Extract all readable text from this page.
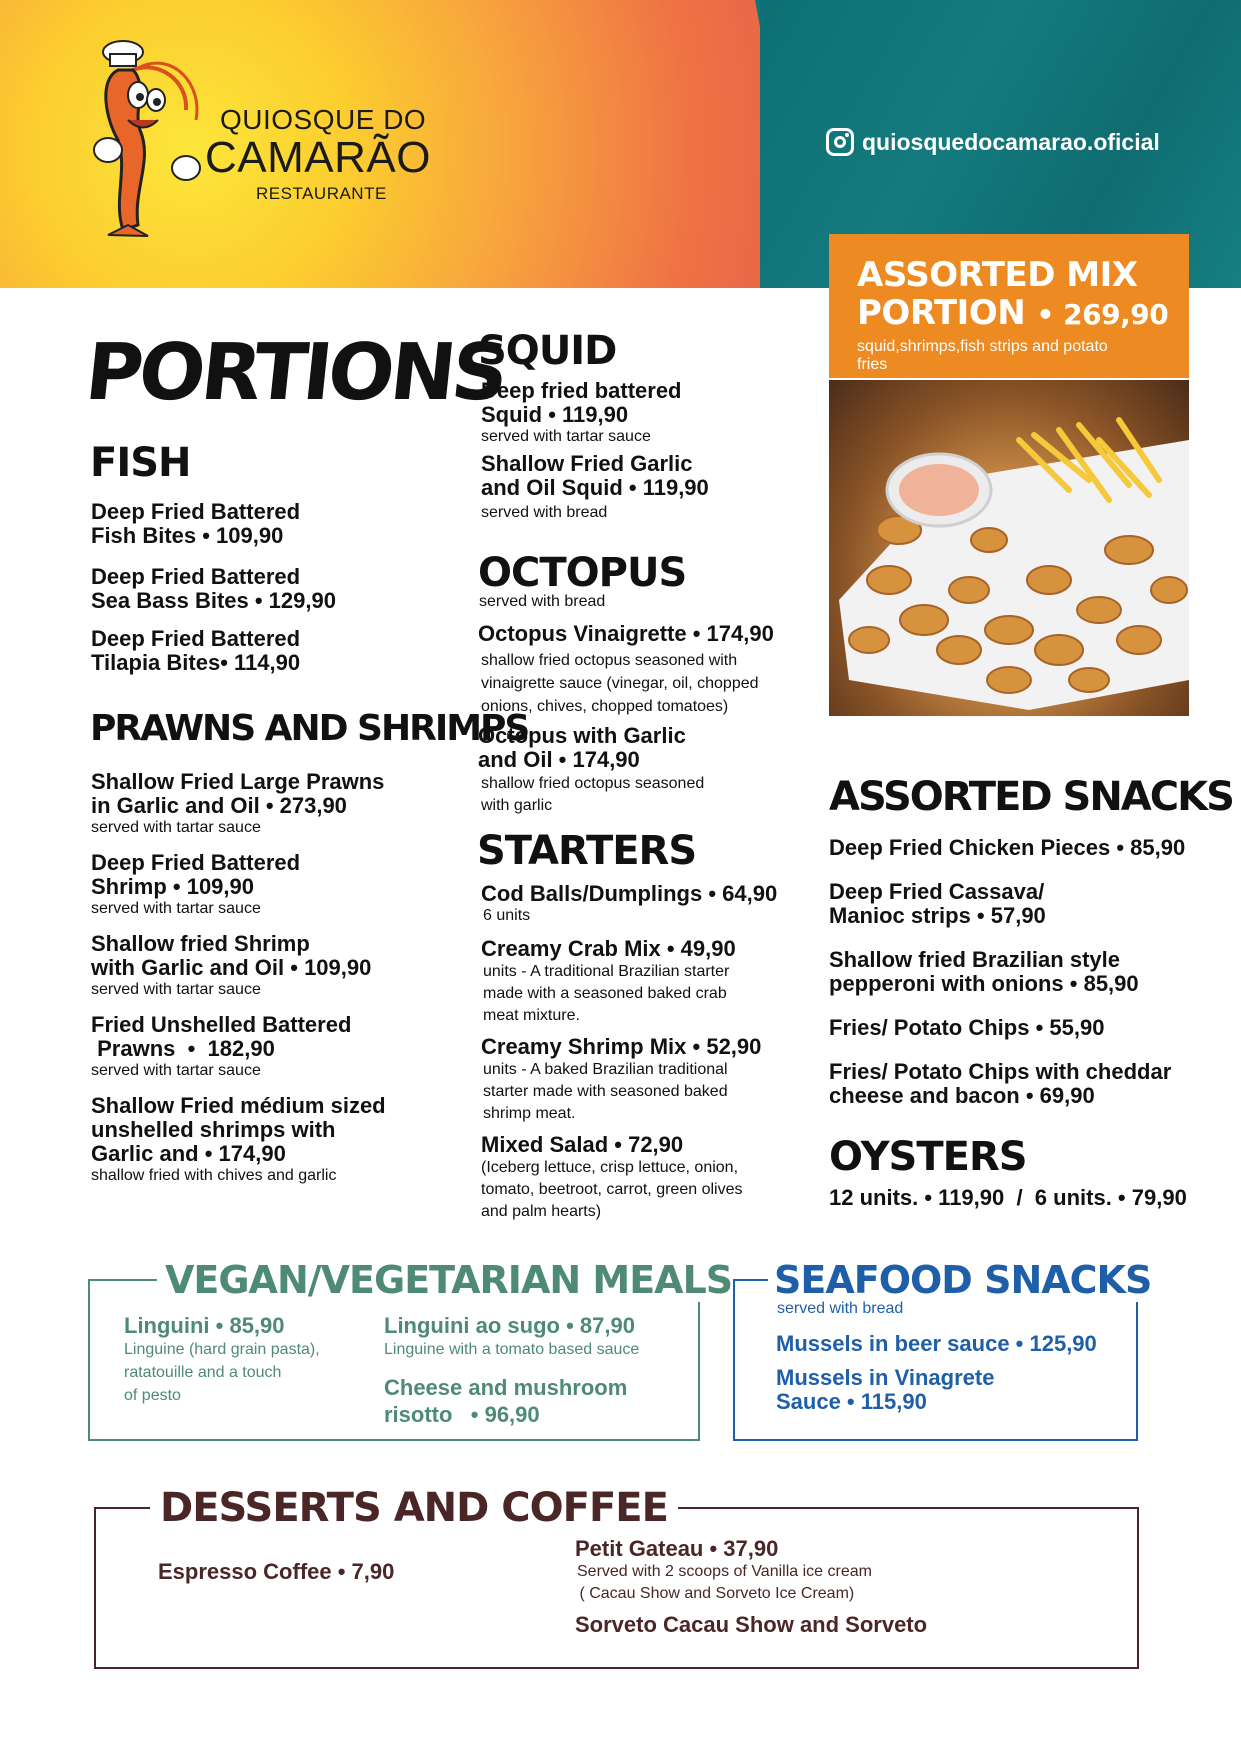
QUIOSQUE DO
CAMARÃO
RESTAURANTE
quiosquedocamarao.oficial
ASSORTED MIX
PORTION • 269,90
squid,shrimps,fish strips and potato fries
PORTIONS
FISH
Deep Fried Battered
Fish Bites • 109,90
Deep Fried Battered
Sea Bass Bites • 129,90
Deep Fried Battered
Tilapia Bites• 114,90
PRAWNS AND SHRIMPS
Shallow Fried Large Prawns
in Garlic and Oil • 273,90
served with tartar sauce
Deep Fried Battered
Shrimp • 109,90
served with tartar sauce
Shallow fried Shrimp
with Garlic and Oil • 109,90
served with tartar sauce
Fried Unshelled Battered
Prawns  •  182,90
served with tartar sauce
Shallow Fried médium sized
unshelled shrimps with
Garlic and • 174,90
shallow fried with chives and garlic
SQUID
Deep fried battered
Squid • 119,90
served with tartar sauce
Shallow Fried Garlic
and Oil Squid • 119,90
served with bread
OCTOPUS
served with bread
Octopus Vinaigrette • 174,90
shallow fried octopus seasoned with
vinaigrette sauce (vinegar, oil, chopped
onions, chives, chopped tomatoes)
Octopus with Garlic
and Oil • 174,90
shallow fried octopus seasoned
with garlic
STARTERS
Cod Balls/Dumplings • 64,90
6 units
Creamy Crab Mix • 49,90
units - A traditional Brazilian starter
made with a seasoned baked crab
meat mixture.
Creamy Shrimp Mix • 52,90
units - A baked Brazilian traditional
starter made with seasoned baked
shrimp meat.
Mixed Salad • 72,90
(Iceberg lettuce, crisp lettuce, onion,
tomato, beetroot, carrot, green olives
and palm hearts)
ASSORTED SNACKS
Deep Fried Chicken Pieces • 85,90
Deep Fried Cassava/
Manioc strips • 57,90
Shallow fried Brazilian style
pepperoni with onions • 85,90
Fries/ Potato Chips • 55,90
Fries/ Potato Chips with cheddar
cheese and bacon • 69,90
OYSTERS
12 units. • 119,90  /  6 units. • 79,90
VEGAN/VEGETARIAN MEALS
Linguini • 85,90
Linguine (hard grain pasta),
ratatouille and a touch
of pesto
Linguini ao sugo • 87,90
Linguine with a tomato based sauce
Cheese and mushroom
risotto   • 96,90
SEAFOOD SNACKS
served with bread
Mussels in beer sauce • 125,90
Mussels in Vinagrete
Sauce • 115,90
DESSERTS AND COFFEE
Espresso Coffee • 7,90
Petit Gateau • 37,90
Served with 2 scoops of Vanilla ice cream
( Cacau Show and Sorveto Ice Cream)
Sorveto Cacau Show and Sorveto
